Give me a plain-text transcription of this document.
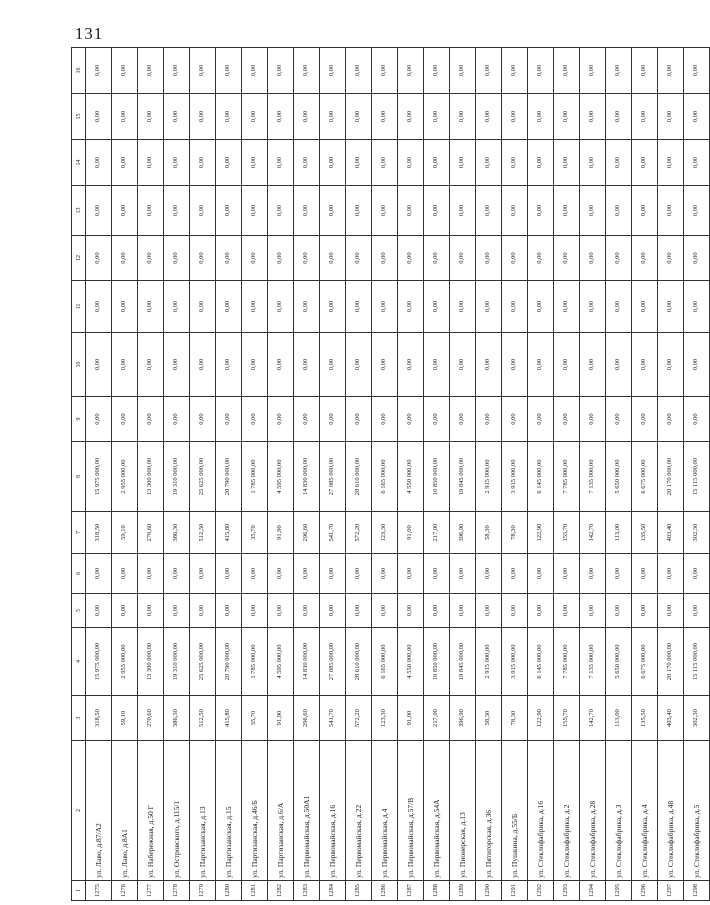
131
1	2	3	4	5	6	7	8	9	10	11	12	13	14	15	16
1275	ул. Лаво, д.87/А2	318,50	15 975 000,00	0,00	0,00	318,50	15 975 000,00	0,00	0,00	0,00	0,00	0,00	0,00	0,00	0,00
1276	ул. Лаво, д.8А1	59,10	2 955 000,00	0,00	0,00	59,10	2 955 000,00	0,00	0,00	0,00	0,00	0,00	0,00	0,00	0,00
1277	ул. Набережная, д.50 Г	270,60	13 300 000,00	0,00	0,00	270,60	13 300 000,00	0,00	0,00	0,00	0,00	0,00	0,00	0,00	0,00
1278	ул. Островского, д.115/1	386,30	19 310 000,00	0,00	0,00	386,30	19 310 000,00	0,00	0,00	0,00	0,00	0,00	0,00	0,00	0,00
1279	ул. Партизанская, д.13	512,50	25 625 000,00	0,00	0,00	512,50	25 625 000,00	0,00	0,00	0,00	0,00	0,00	0,00	0,00	0,00
1280	ул. Партизанская, д.15	415,80	20 790 000,00	0,00	0,00	415,80	20 790 000,00	0,00	0,00	0,00	0,00	0,00	0,00	0,00	0,00
1281	ул. Партизанская, д.46/Б	35,70	1 785 000,00	0,00	0,00	35,70	1 785 000,00	0,00	0,00	0,00	0,00	0,00	0,00	0,00	0,00
1282	ул. Партизанская, д.6/А	91,90	4 595 000,00	0,00	0,00	91,90	4 595 000,00	0,00	0,00	0,00	0,00	0,00	0,00	0,00	0,00
1283	ул. Первомайская, д.50А1	296,60	14 830 000,00	0,00	0,00	296,60	14 830 000,00	0,00	0,00	0,00	0,00	0,00	0,00	0,00	0,00
1284	ул. Первомайская, д.16	541,70	27 085 000,00	0,00	0,00	541,70	27 085 000,00	0,00	0,00	0,00	0,00	0,00	0,00	0,00	0,00
1285	ул. Первомайская, д.22	572,20	28 610 000,00	0,00	0,00	572,20	28 610 000,00	0,00	0,00	0,00	0,00	0,00	0,00	0,00	0,00
1286	ул. Первомайская, д.4	123,30	6 165 000,00	0,00	0,00	123,30	6 165 000,00	0,00	0,00	0,00	0,00	0,00	0,00	0,00	0,00
1287	ул. Первомайская, д.57/В	91,00	4 550 000,00	0,00	0,00	91,00	4 550 000,00	0,00	0,00	0,00	0,00	0,00	0,00	0,00	0,00
1288	ул. Первомайская, д.54А	217,00	10 850 000,00	0,00	0,00	217,00	10 850 000,00	0,00	0,00	0,00	0,00	0,00	0,00	0,00	0,00
1289	ул. Пионерская, д.13	396,90	19 845 000,00	0,00	0,00	396,90	19 845 000,00	0,00	0,00	0,00	0,00	0,00	0,00	0,00	0,00
1290	ул. Пятигорская, д.36	58,30	2 915 000,00	0,00	0,00	58,30	2 915 000,00	0,00	0,00	0,00	0,00	0,00	0,00	0,00	0,00
1291	ул. Пушкина, д.55/Б	78,30	3 915 000,00	0,00	0,00	78,30	3 915 000,00	0,00	0,00	0,00	0,00	0,00	0,00	0,00	0,00
1292	ул. Стеклофабрика, д.16	122,90	6 145 000,00	0,00	0,00	122,90	6 145 000,00	0,00	0,00	0,00	0,00	0,00	0,00	0,00	0,00
1293	ул. Стеклофабрика, д.2	155,70	7 785 000,00	0,00	0,00	155,70	7 785 000,00	0,00	0,00	0,00	0,00	0,00	0,00	0,00	0,00
1294	ул. Стеклофабрика, д.28	142,70	7 135 000,00	0,00	0,00	142,70	7 135 000,00	0,00	0,00	0,00	0,00	0,00	0,00	0,00	0,00
1295	ул. Стеклофабрика, д.3	113,00	5 650 000,00	0,00	0,00	113,00	5 650 000,00	0,00	0,00	0,00	0,00	0,00	0,00	0,00	0,00
1296	ул. Стеклофабрика, д.4	135,50	6 675 000,00	0,00	0,00	135,50	6 675 000,00	0,00	0,00	0,00	0,00	0,00	0,00	0,00	0,00
1297	ул. Стеклофабрика, д.48	403,40	20 170 000,00	0,00	0,00	403,40	20 170 000,00	0,00	0,00	0,00	0,00	0,00	0,00	0,00	0,00
1298	ул. Стеклофабрика, д.5	302,30	15 115 000,00	0,00	0,00	302,30	15 115 000,00	0,00	0,00	0,00	0,00	0,00	0,00	0,00	0,00
